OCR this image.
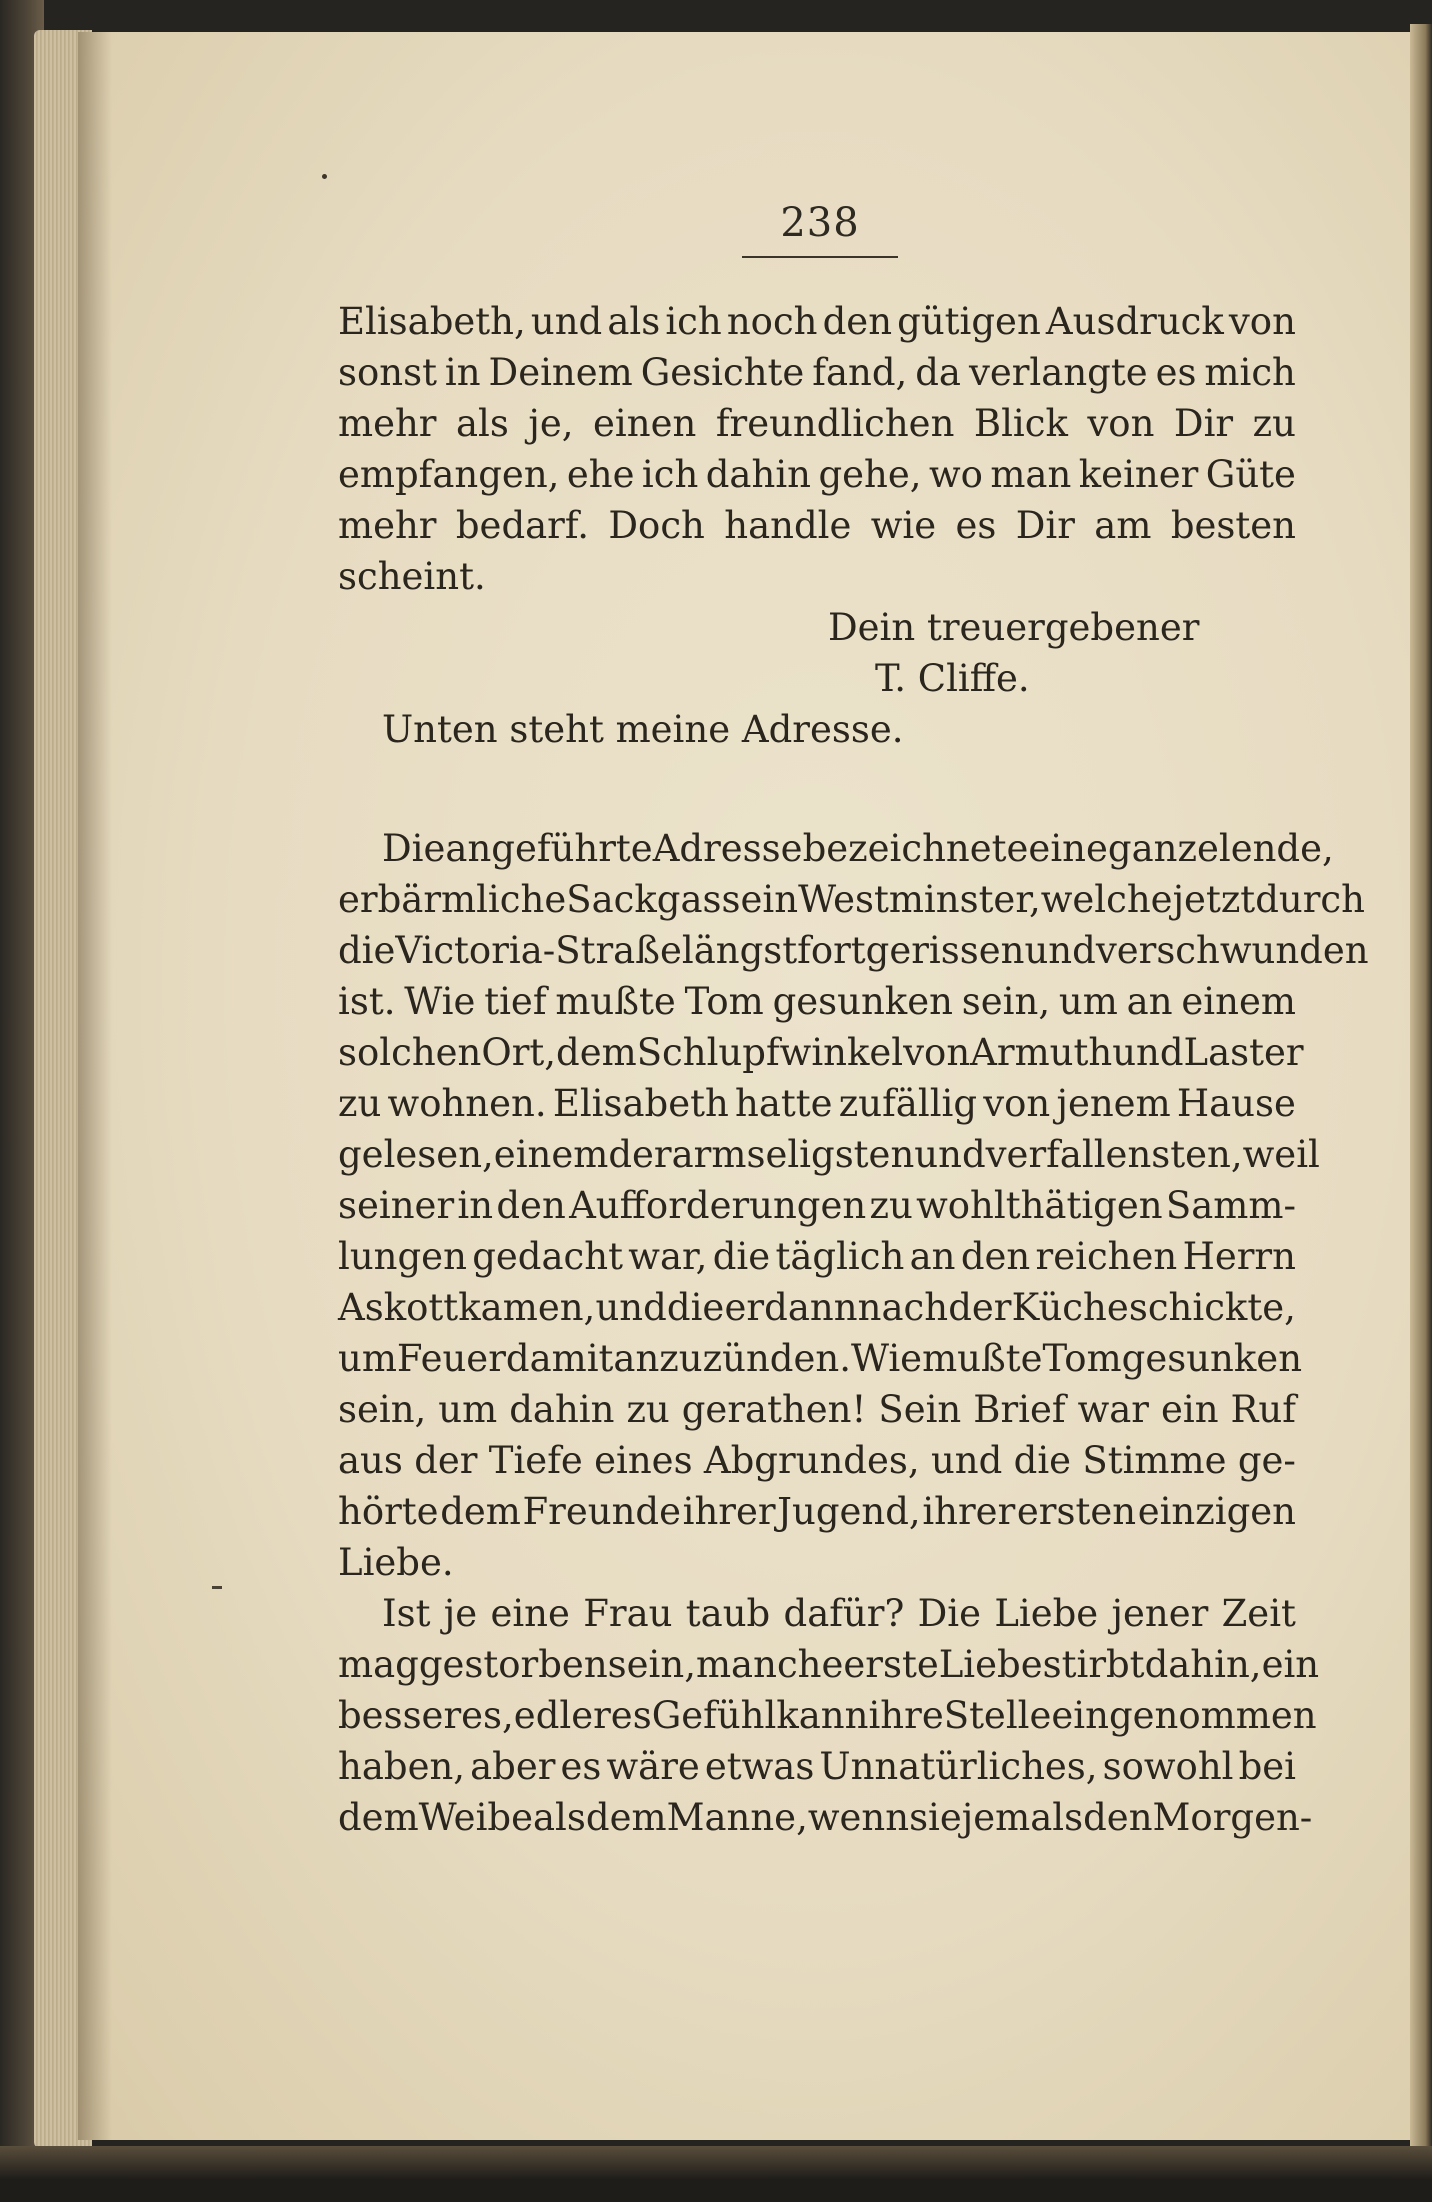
238
Elisabeth, und als ich noch den gütigen Ausdruck von
sonst in Deinem Gesichte fand, da verlangte es mich
mehr als je, einen freundlichen Blick von Dir zu
empfangen, ehe ich dahin gehe, wo man keiner Güte
mehr bedarf. Doch handle wie es Dir am besten
scheint.
Dein treuergebener
T. Cliffe.
Unten steht meine Adresse.
Die angeführte Adresse bezeichnete eine ganz elende,
erbärmliche Sackgasse in Westminster, welche jetzt durch
die Victoria-Straße längst fortgerissen und verschwunden
ist. Wie tief mußte Tom gesunken sein, um an einem
solchen Ort, dem Schlupfwinkel von Armuth und Laster
zu wohnen. Elisabeth hatte zufällig von jenem Hause
gelesen, einem der armseligsten und verfallensten, weil
seiner in den Aufforderungen zu wohlthätigen Samm-
lungen gedacht war, die täglich an den reichen Herrn
Askott kamen, und die er dann nach der Küche schickte,
um Feuer damit anzuzünden. Wie mußte Tom gesunken
sein, um dahin zu gerathen! Sein Brief war ein Ruf
aus der Tiefe eines Abgrundes, und die Stimme ge-
hörte dem Freunde ihrer Jugend, ihrer ersten einzigen
Liebe.
Ist je eine Frau taub dafür? Die Liebe jener Zeit
mag gestorben sein, manche erste Liebe stirbt dahin, ein
besseres, edleres Gefühl kann ihre Stelle eingenommen
haben, aber es wäre etwas Unnatürliches, sowohl bei
dem Weibe als dem Manne, wenn sie jemals den Morgen-
